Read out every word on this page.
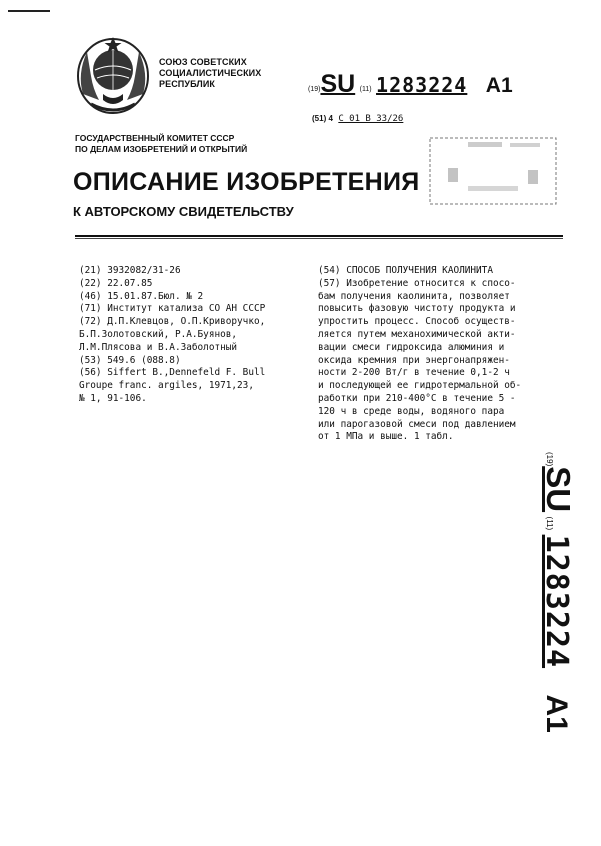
СОЮЗ СОВЕТСКИХ
СОЦИАЛИСТИЧЕСКИХ
РЕСПУБЛИК
(19)SU (11) 1283224 A1
(51) 4 C 01 B 33/26
ГОСУДАРСТВЕННЫЙ КОМИТЕТ СССР
ПО ДЕЛАМ ИЗОБРЕТЕНИЙ И ОТКРЫТИЙ
ОПИСАНИЕ ИЗОБРЕТЕНИЯ
К АВТОРСКОМУ СВИДЕТЕЛЬСТВУ
(21) 3932082/31-26
(22) 22.07.85
(46) 15.01.87.Бюл. № 2
(71) Институт катализа СО АН СССР
(72) Д.П.Клевцов, О.П.Криворучко,
Б.П.Золотовский, Р.А.Буянов,
Л.М.Плясова и В.А.Заболотный
(53) 549.6 (088.8)
(56) Siffert B.,Dennefeld F. Bull
Groupe franc. argiles, 1971,23,
№ 1, 91-106.
(54) СПОСОБ ПОЛУЧЕНИЯ КАОЛИНИТА
(57) Изобретение относится к спосо-
бам получения каолинита, позволяет
повысить фазовую чистоту продукта и
упростить процесс. Способ осуществ-
ляется путем механохимической акти-
вации смеси гидроксида алюминия и
оксида кремния при энергонапряжен-
ности 2-200 Вт/г в течение 0,1-2 ч
и последующей ее гидротермальной об-
работки при 210-400°С в течение 5 -
120 ч в среде воды, водяного пара
или парогазовой смеси под давлением
от 1 МПа и выше. 1 табл.
(19)SU (11) 1283224 A1
